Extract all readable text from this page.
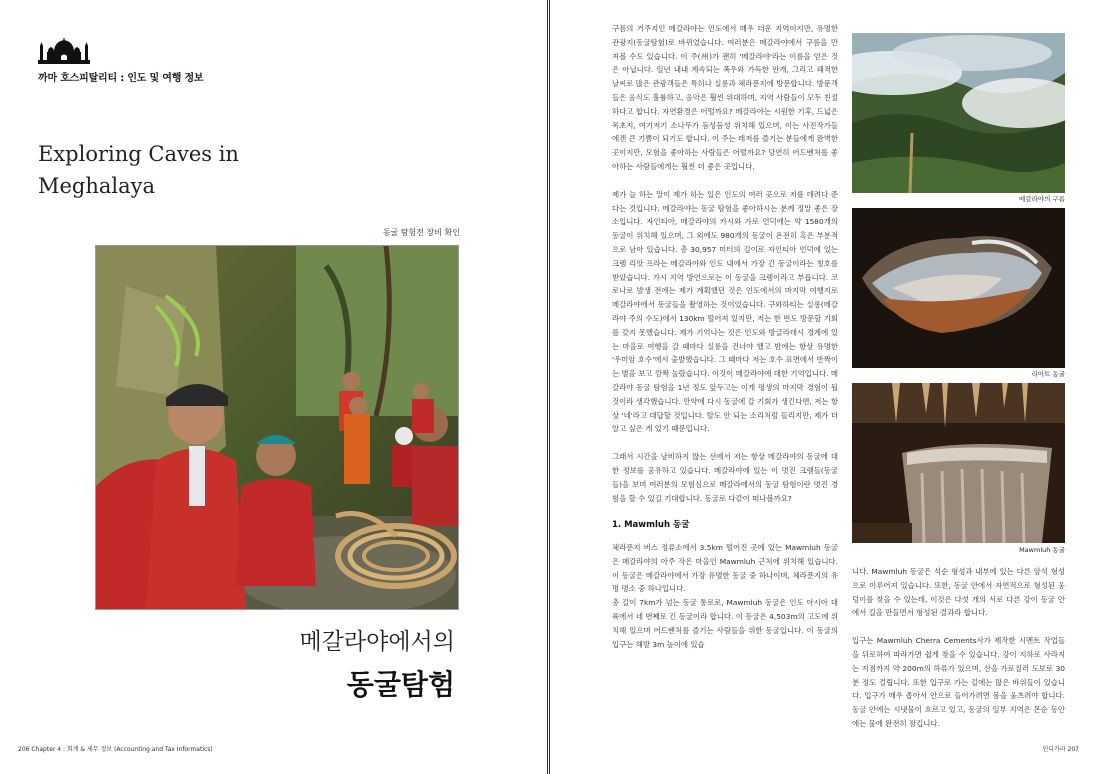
까마 호스피탈리티 : 인도 및 여행 정보
Exploring Caves in
Meghalaya
동굴 탐험전 장비 확인
메갈라야에서의
동굴탐험
206 Chapter 4 : 회계 & 세무 정보 (Accounting and Tax Informatics)

구름의 거주지인 메갈라야는 인도에서 매우 더운 지역이지만, 유명한 관광지(동굴탐험)로 바뀌었습니다. 여러분은 메갈라야에서 구름을 만져볼 수도 있습니다. 이 주(州)가 괜히 '메갈라야'라는 이름을 얻은 것은 아닙니다. 일년 내내 계속되는 폭우와 가득한 안개, 그리고 쾌적한 날씨로 많은 관광객들은 특히나 실롱과 체라푼지에 방문합니다. 방문객들은 음식도 훌륭하고, 음악은 훨씬 위대하며, 지역 사람들이 모두 친절하다고 합니다. 자연환경은 어떨까요? 메갈라야는 시원한 기후, 드넓은 목초지, 여기저기 소나무가 듬성듬성 위치해 있으며, 이는 사진작가들에겐 큰 기쁨이 되기도 합니다. 이 주는 레저를 즐기는 분들에게 완벽한 곳이지만, 모험을 좋아하는 사람들은 어떨까요? 당연히 어드벤처를 좋아하는 사람들에게는 훨씬 더 좋은 곳입니다.

제가 늘 하는 말이 제가 하는 일은 인도의 여러 곳으로 저를 데려다 준다는 것입니다. 메갈라야는 동굴 탐험을 좋아하시는 분께 정말 좋은 장소입니다. 자인티아, 메갈라야의 카시와 가로 언덕에는 약 1580개의 동굴이 위치해 있으며, 그 외에도 980개의 동굴이 온전히 혹은 부분적으로 남아 있습니다. 총 30,957 미터의 길이로 자인티아 언덕에 있는 크렘 리앗 프라는 메갈라야와 인도 내에서 가장 긴 동굴이라는 칭호를 받았습니다. 가시 지역 방언으로는 이 동굴을 크렘이라고 부릅니다. 코로나로 발생 전에는 제가 계획했던 것은 인도에서의 마지막 여행지로 메갈라야에서 동굴들을 촬영하는 것이었습니다. 구와하티는 실롱(메갈라야 주의 수도)에서 130km 떨어져 있지만, 저는 한 번도 방문할 기회를 갖지 못했습니다. 제가 기억나는 것은 인도와 방글라데시 경계에 있는 마을로 여행을 갈 때마다 실롱을 건너야 했고 밤에는 항상 유명한 '우미암 호수'에서 출발했습니다. 그 때마다 저는 호수 표면에서 반짝이는 별을 보고 깜짝 놀랐습니다. 이것이 메갈라야에 대한 기억입니다. 메갈라야 동굴 탐험을 1년 정도 앞두고는 이게 평생의 마지막 경험이 될 것이라 생각했습니다. 만약에 다시 동굴에 갈 기회가 생긴다면, 저는 항상 '네'라고 대답할 것입니다. 탈도 안 되는 소리처럼 들리지만, 제가 더 알고 싶은 게 있기 때문입니다.

그래서 시간을 낭비하지 않는 선에서 저는 항상 메갈라야의 동굴에 대한 정보를 공유하고 있습니다. 메갈라야에 있는 이 멋진 크렘들(동굴들)을 보며 여러분의 모험심으로 메갈라에서의 동굴 탐험이란 멋진 경험을 할 수 있길 기대합니다. 동굴로 다같이 떠나볼까요?

1. Mawmluh 동굴

체라푼지 버스 정류소에서 3.5km 떨어진 곳에 있는 Mawmluh 동굴은 메갈라야의 아주 작은 마을인 Mawmluh 근처에 위치해 있습니다. 이 동굴은 메갈라야에서 가장 유명한 동굴 중 하나이며, 체라푼지의 유명 명소 중 하나입니다.

총 길이 7km가 넘는 동굴 통로로, Mawmluh 동굴은 인도 아시아 대륙에서 네 번째로 긴 동굴이라 합니다. 이 동굴은 4,503m의 고도에 위치해 있으며 어드벤처를 즐기는 사람들을 위한 동굴입니다. 이 동굴의 입구는 해발 3m 높이에 있습

메갈라야의 구름
리아트 동굴
Mawmluh 동굴

니다. Mawmluh 동굴은 석순 형성과 내부에 있는 다른 암석 형성으로 이루어져 있습니다. 또한, 동굴 안에서 자연적으로 형성된 웅덩이를 찾을 수 있는데, 이것은 다섯 개의 서로 다른 강이 동굴 안에서 길을 만들면서 형성된 결과라 합니다.

입구는 Mawmluh Cherra Cements사가 제작한 시멘트 작업들을 뒤로하여 따라가면 쉽게 찾을 수 있습니다. 강이 지하로 사라지는 지점까지 약 200m의 하류가 있으며, 산을 가로질러 도보로 30분 정도 걸립니다. 또한 입구로 가는 길에는 많은 바위들이 있습니다. 입구가 매우 좁아서 안으로 들어가려면 몸을 움츠려야 합니다. 동굴 안에는 시냇물이 흐르고 있고, 동굴의 일부 지역은 몬순 동안에는 물에 완전히 잠깁니다.

인디카라 207
